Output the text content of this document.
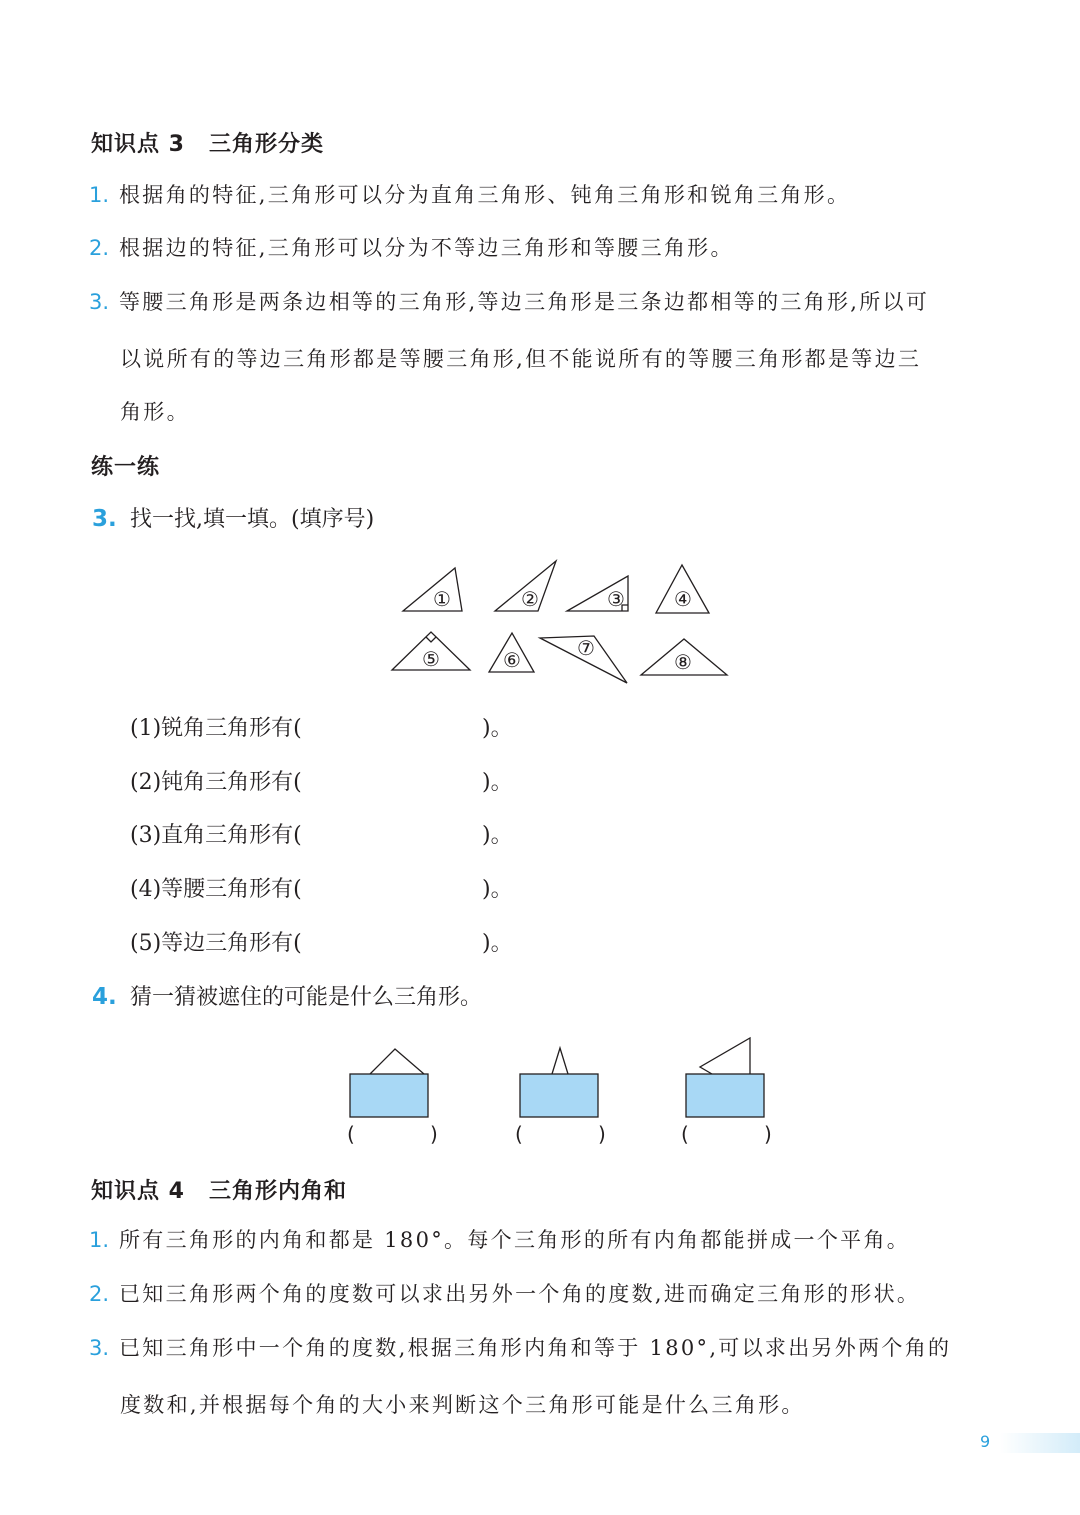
知识点 3 三角形分类
1. 根据角的特征,三角形可以分为直角三角形、钝角三角形和锐角三角形。
2. 根据边的特征,三角形可以分为不等边三角形和等腰三角形。
3. 等腰三角形是两条边相等的三角形,等边三角形是三条边都相等的三角形,所以可
以说所有的等边三角形都是等腰三角形,但不能说所有的等腰三角形都是等边三
角形。
练一练
3. 找一找,填一填。(填序号)
①	②	③ ④
⑤	⑥	⑦
⑧
(1)锐角三角形有(	)。
(2)钝角三角形有(	)。
(3)直角三角形有(	)。
(4)等腰三角形有(	)。
(5)等边三角形有(	)。
4. 猜一猜被遮住的可能是什么三角形。
(	)	(	)	(	)
知识点 4 三角形内角和
1. 所有三角形的内角和都是 180°。每个三角形的所有内角都能拼成一个平角。
2. 已知三角形两个角的度数可以求出另外一个角的度数,进而确定三角形的形状。
3. 已知三角形中一个角的度数,根据三角形内角和等于 180°,可以求出另外两个角的
度数和,并根据每个角的大小来判断这个三角形可能是什么三角形。
9
